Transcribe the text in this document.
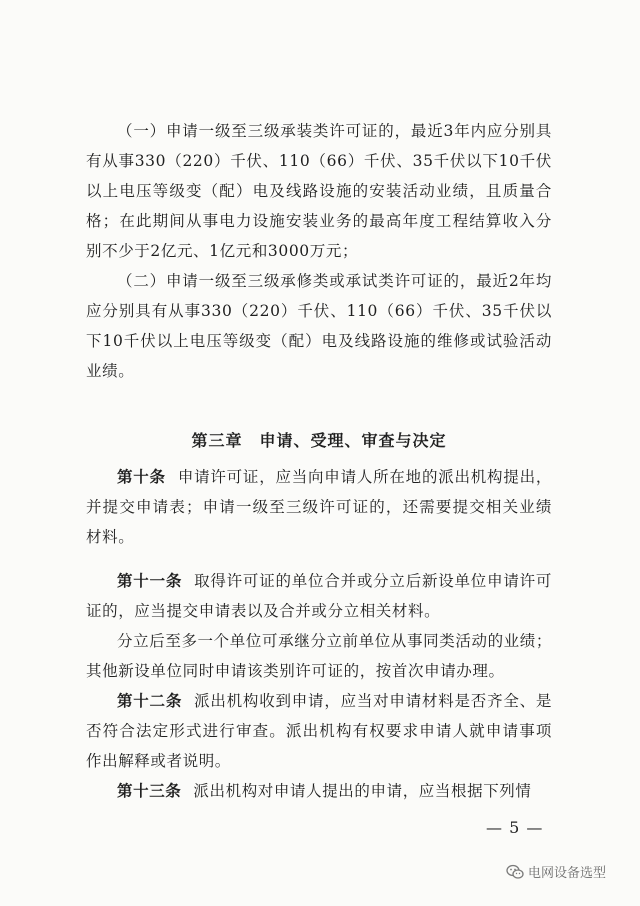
（一）申请一级至三级承装类许可证的，最近3年内应分别具有从事330（220）千伏、110（66）千伏、35千伏以下10千伏以上电压等级变（配）电及线路设施的安装活动业绩，且质量合格；在此期间从事电力设施安装业务的最高年度工程结算收入分别不少于2亿元、1亿元和3000万元；

（二）申请一级至三级承修类或承试类许可证的，最近2年均应分别具有从事330（220）千伏、110（66）千伏、35千伏以下10千伏以上电压等级变（配）电及线路设施的维修或试验活动业绩。

第三章　申请、受理、审查与决定

第十条 申请许可证，应当向申请人所在地的派出机构提出，并提交申请表；申请一级至三级许可证的，还需要提交相关业绩材料。

第十一条 取得许可证的单位合并或分立后新设单位申请许可证的，应当提交申请表以及合并或分立相关材料。

分立后至多一个单位可承继分立前单位从事同类活动的业绩；其他新设单位同时申请该类别许可证的，按首次申请办理。

第十二条 派出机构收到申请，应当对申请材料是否齐全、是否符合法定形式进行审查。派出机构有权要求申请人就申请事项作出解释或者说明。

第十三条 派出机构对申请人提出的申请，应当根据下列情

— 5 —
电网设备选型
